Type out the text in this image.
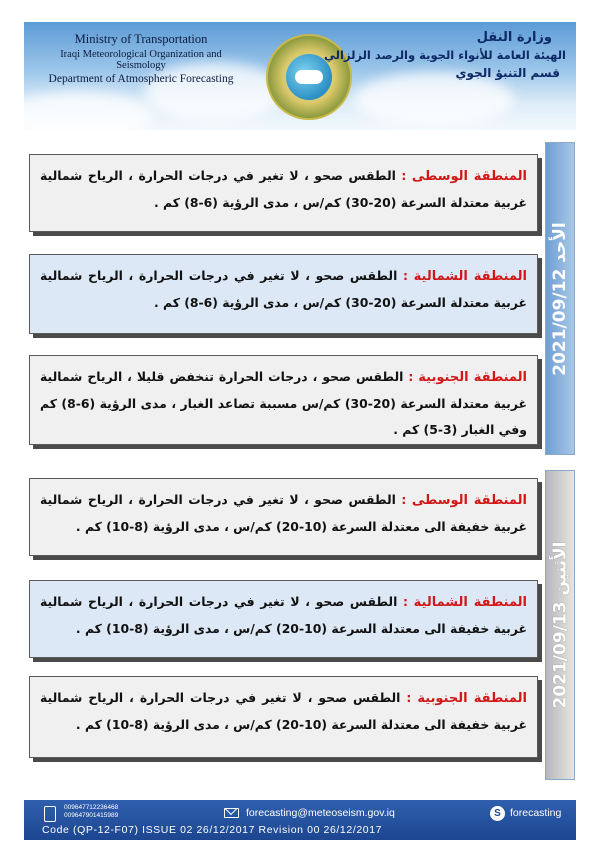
Ministry of Transportation
Iraqi Meteorological Organization and Seismology
Department of Atmospheric Forecasting
وزارة النقل
الهيئة العامة للأنواء الجوية والرصد الزلزالي
قسم التنبؤ الجوي
الأحد 2021/09/12
المنطقة الوسطى : الطقس صحو ، لا تغير في درجات الحرارة ، الرياح شمالية غربية معتدلة السرعة (20-30) كم/س ، مدى الرؤية (6-8) كم .
المنطقة الشمالية : الطقس صحو ، لا تغير في درجات الحرارة ، الرياح شمالية غربية معتدلة السرعة (20-30) كم/س ، مدى الرؤية (6-8) كم .
المنطقة الجنوبية : الطقس صحو ، درجات الحرارة تنخفض قليلا ، الرياح شمالية غربية معتدلة السرعة (20-30) كم/س مسببة تصاعد الغبار ، مدى الرؤية (6-8) كم وفي الغبار (3-5) كم .
الأثنين 2021/09/13
المنطقة الوسطى : الطقس صحو ، لا تغير في درجات الحرارة ، الرياح شمالية غربية خفيفة الى معتدلة السرعة (10-20) كم/س ، مدى الرؤية (8-10) كم .
المنطقة الشمالية : الطقس صحو ، لا تغير في درجات الحرارة ، الرياح شمالية غربية خفيفة الى معتدلة السرعة (10-20) كم/س ، مدى الرؤية (8-10) كم .
المنطقة الجنوبية : الطقس صحو ، لا تغير في درجات الحرارة ، الرياح شمالية غربية خفيفة الى معتدلة السرعة (10-20) كم/س ، مدى الرؤية (8-10) كم .
009647712236468
009647901415989	forecasting@meteoseism.gov.iq	S forecasting
Code (QP-12-F07) ISSUE 02 26/12/2017 Revision 00 26/12/2017
